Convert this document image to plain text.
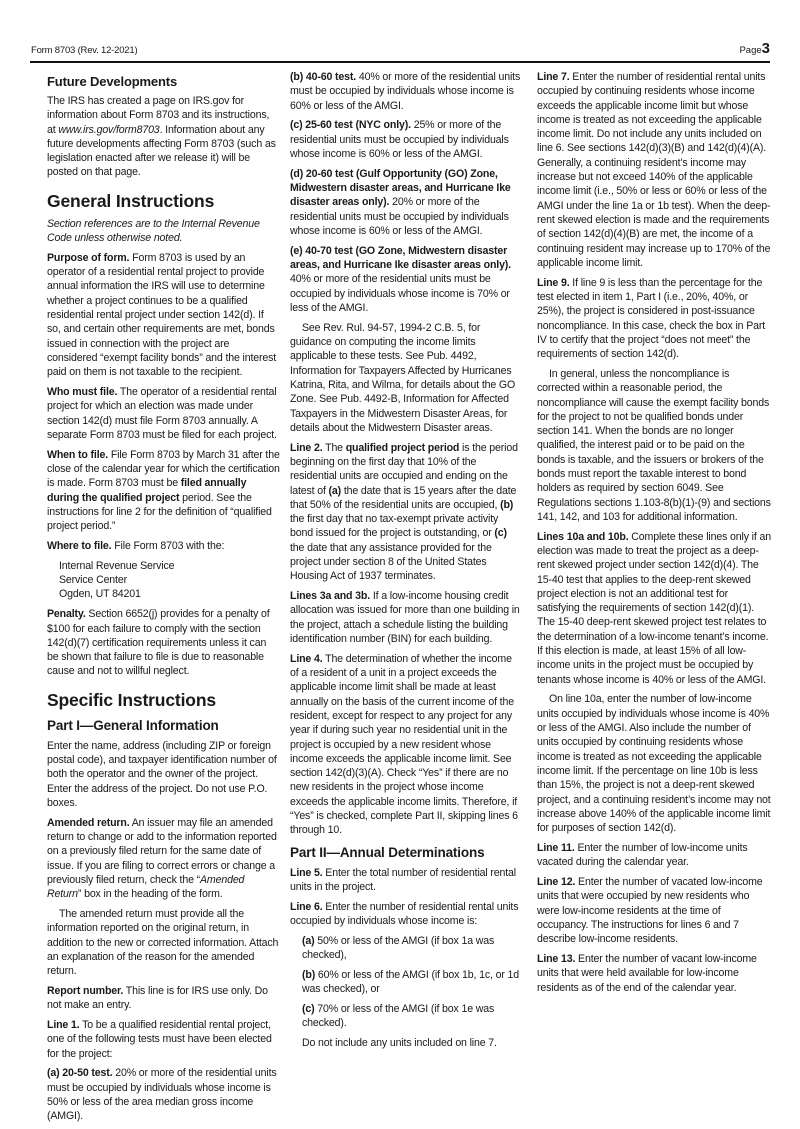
Form 8703 (Rev. 12-2021)	Page3
Future Developments
The IRS has created a page on IRS.gov for information about Form 8703 and its instructions, at www.irs.gov/form8703. Information about any future developments affecting Form 8703 (such as legislation enacted after we release it) will be posted on that page.
General Instructions
Section references are to the Internal Revenue Code unless otherwise noted.
Purpose of form. Form 8703 is used by an operator of a residential rental project to provide annual information the IRS will use to determine whether a project continues to be a qualified residential rental project under section 142(d). If so, and certain other requirements are met, bonds issued in connection with the project are considered “exempt facility bonds” and the interest paid on them is not taxable to the recipient.
Who must file. The operator of a residential rental project for which an election was made under section 142(d) must file Form 8703 annually. A separate Form 8703 must be filed for each project.
When to file. File Form 8703 by March 31 after the close of the calendar year for which the certification is made. Form 8703 must be filed annually during the qualified project period. See the instructions for line 2 for the definition of “qualified project period.”
Where to file. File Form 8703 with the:
Internal Revenue Service
Service Center
Ogden, UT 84201
Penalty. Section 6652(j) provides for a penalty of $100 for each failure to comply with the section 142(d)(7) certification requirements unless it can be shown that failure to file is due to reasonable cause and not to willful neglect.
Specific Instructions
Part I—General Information
Enter the name, address (including ZIP or foreign postal code), and taxpayer identification number of both the operator and the owner of the project. Enter the address of the project. Do not use P.O. boxes.
Amended return. An issuer may file an amended return to change or add to the information reported on a previously filed return for the same date of issue. If you are filing to correct errors or change a previously filed return, check the “Amended Return” box in the heading of the form.
The amended return must provide all the information reported on the original return, in addition to the new or corrected information. Attach an explanation of the reason for the amended return.
Report number. This line is for IRS use only. Do not make an entry.
Line 1. To be a qualified residential rental project, one of the following tests must have been elected for the project:
(a) 20-50 test. 20% or more of the residential units must be occupied by individuals whose income is 50% or less of the area median gross income (AMGI).
(b) 40-60 test. 40% or more of the residential units must be occupied by individuals whose income is 60% or less of the AMGI.
(c) 25-60 test (NYC only). 25% or more of the residential units must be occupied by individuals whose income is 60% or less of the AMGI.
(d) 20-60 test (Gulf Opportunity (GO) Zone, Midwestern disaster areas, and Hurricane Ike disaster areas only). 20% or more of the residential units must be occupied by individuals whose income is 60% or less of the AMGI.
(e) 40-70 test (GO Zone, Midwestern disaster areas, and Hurricane Ike disaster areas only). 40% or more of the residential units must be occupied by individuals whose income is 70% or less of the AMGI.
See Rev. Rul. 94-57, 1994-2 C.B. 5, for guidance on computing the income limits applicable to these tests. See Pub. 4492, Information for Taxpayers Affected by Hurricanes Katrina, Rita, and Wilma, for details about the GO Zone. See Pub. 4492-B, Information for Affected Taxpayers in the Midwestern Disaster Areas, for details about the Midwestern Disaster areas.
Line 2. The qualified project period is the period beginning on the first day that 10% of the residential units are occupied and ending on the latest of (a) the date that is 15 years after the date that 50% of the residential units are occupied, (b) the first day that no tax-exempt private activity bond issued for the project is outstanding, or (c) the date that any assistance provided for the project under section 8 of the United States Housing Act of 1937 terminates.
Lines 3a and 3b. If a low-income housing credit allocation was issued for more than one building in the project, attach a schedule listing the building identification number (BIN) for each building.
Line 4. The determination of whether the income of a resident of a unit in a project exceeds the applicable income limit shall be made at least annually on the basis of the current income of the resident, except for respect to any project for any year if during such year no residential unit in the project is occupied by a new resident whose income exceeds the applicable income limit. See section 142(d)(3)(A). Check “Yes” if there are no new residents in the project whose income exceeds the applicable income limits. Therefore, if “Yes” is checked, complete Part II, skipping lines 6 through 10.
Part II—Annual Determinations
Line 5. Enter the total number of residential rental units in the project.
Line 6. Enter the number of residential rental units occupied by individuals whose income is:
(a) 50% or less of the AMGI (if box 1a was checked),
(b) 60% or less of the AMGI (if box 1b, 1c, or 1d was checked), or
(c) 70% or less of the AMGI (if box 1e was checked).
Do not include any units included on line 7.
Line 7. Enter the number of residential rental units occupied by continuing residents whose income exceeds the applicable income limit but whose income is treated as not exceeding the applicable income limit. Do not include any units included on line 6. See sections 142(d)(3)(B) and 142(d)(4)(A). Generally, a continuing resident’s income may increase but not exceed 140% of the applicable income limit (i.e., 50% or less or 60% or less of the AMGI under the line 1a or 1b test). When the deep-rent skewed election is made and the requirements of section 142(d)(4)(B) are met, the income of a continuing resident may increase up to 170% of the applicable income limit.
Line 9. If line 9 is less than the percentage for the test elected in item 1, Part I (i.e., 20%, 40%, or 25%), the project is considered in post-issuance noncompliance. In this case, check the box in Part IV to certify that the project “does not meet” the requirements of section 142(d).
In general, unless the noncompliance is corrected within a reasonable period, the noncompliance will cause the exempt facility bonds for the project to not be qualified bonds under section 141. When the bonds are no longer qualified, the interest paid or to be paid on the bonds is taxable, and the issuers or brokers of the bonds must report the taxable interest to bond holders as required by section 6049. See Regulations sections 1.103-8(b)(1)-(9) and sections 141, 142, and 103 for additional information.
Lines 10a and 10b. Complete these lines only if an election was made to treat the project as a deep-rent skewed project under section 142(d)(4). The 15-40 test that applies to the deep-rent skewed project election is not an additional test for satisfying the requirements of section 142(d)(1). The 15-40 deep-rent skewed project test relates to the determination of a low-income tenant’s income. If this election is made, at least 15% of all low-income units in the project must be occupied by tenants whose income is 40% or less of the AMGI.
On line 10a, enter the number of low-income units occupied by individuals whose income is 40% or less of the AMGI. Also include the number of units occupied by continuing residents whose income is treated as not exceeding the applicable income limit. If the percentage on line 10b is less than 15%, the project is not a deep-rent skewed project, and a continuing resident’s income may not increase above 140% of the applicable income limit for purposes of section 142(d).
Line 11. Enter the number of low-income units vacated during the calendar year.
Line 12. Enter the number of vacated low-income units that were occupied by new residents who were low-income residents at the time of occupancy. The instructions for lines 6 and 7 describe low-income residents.
Line 13. Enter the number of vacant low-income units that were held available for low-income residents as of the end of the calendar year.
